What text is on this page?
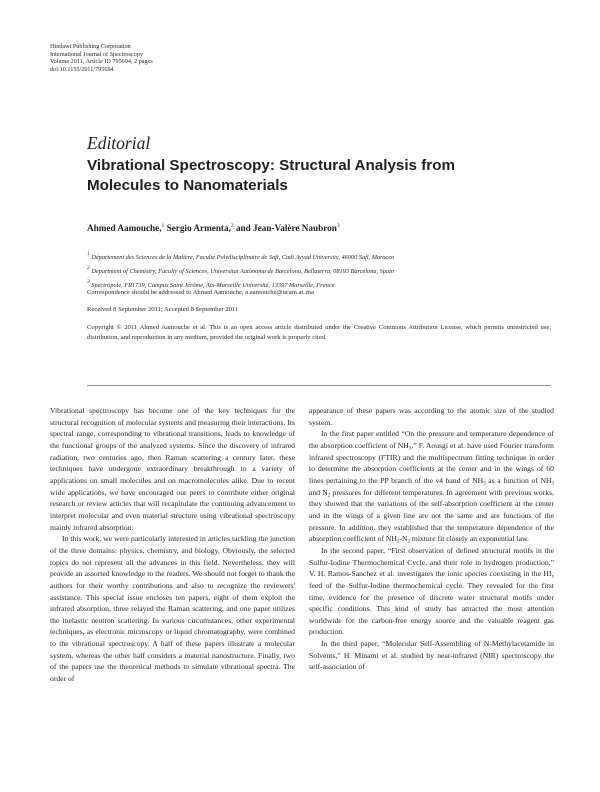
Hindawi Publishing Corporation
International Journal of Spectroscopy
Volume 2011, Article ID 795694, 2 pages
doi:10.1155/2011/795694
Editorial
Vibrational Spectroscopy: Structural Analysis from Molecules to Nanomaterials
Ahmed Aamouche,$^1$ Sergio Armenta,$^2$ and Jean-Valère Naubron$^3$
$^1$ Département des Sciences de la Matière, Faculté Polydisciplinaire de Safi, Cadi Ayyad University, 46000 Safi, Morocco
$^2$ Department of Chemistry, Faculty of Sciences, Universitat Autònoma de Barcelona, Bellaterra, 08193 Barcelona, Spain
$^3$ Spectropole, FR1739, Campus Saint Jérôme, Aix-Marseille Université, 13397 Marseille, France
Correspondence should be addressed to Ahmed Aamouche, a.aamouche@ucam.ac.ma
Received 8 September 2011; Accepted 8 September 2011
Copyright © 2011 Ahmed Aamouche et al. This is an open access article distributed under the Creative Commons Attribution License, which permits unrestricted use, distribution, and reproduction in any medium, provided the original work is properly cited.

Vibrational spectroscopy has become one of the key techniques for the structural recognition of molecular systems and measuring their interactions. Its spectral range, corresponding to vibrational transitions, leads to knowledge of the functional groups of the analyzed systems. Since the discovery of infrared radiation, two centuries ago, then Raman scattering a century later, these techniques have undergone extraordinary breakthrough to a variety of applications on small molecules and on macromolecules alike. Due to recent wide applications, we have encouraged our peers to contribute either original research or review articles that will recapitulate the continuing advancement to interpret molecular and even material structure using vibrational spectroscopy mainly infrared absorption.

In this work, we were particularly interested in articles tackling the junction of the three domains: physics, chemistry, and biology. Obviously, the selected topics do not represent all the advances in this field. Nevertheless, they will provide an assorted knowledge to the readers. We should not forget to thank the authors for their worthy contributions and also to recognize the reviewers' assistance. This special issue encloses ten papers, eight of them exploit the infrared absorption, three relayed the Raman scattering, and one paper utilizes the inelastic neutron scattering. In various circumstances, other experimental techniques, as electronic microscopy or liquid chromatography, were combined to the vibrational spectroscopy. A half of these papers illustrate a molecular system, whereas the other half considers a material nanostructure. Finally, two of the papers use the theoretical methods to simulate vibrational spectra. The order of

appearance of these papers was according to the atomic size of the studied system.

In the first paper entitled “On the pressure and temperature dependence of the absorption coefficient of $NH_3$,” F. Aousgi et al. have used Fourier transform infrared spectroscopy (FTIR) and the multispectrum fitting technique in order to determine the absorption coefficients at the center and in the wings of 60 lines pertaining to the PP branch of the ν4 band of $NH_3$ as a function of $NH_3$ and $N_2$ pressures for different temperatures. In agreement with previous works, they showed that the variations of the self-absorption coefficient at the center and in the wings of a given line are not the same and are functions of the pressure. In addition, they established that the temperature dependence of the absorption coefficient of $NH_3-N_2$ mixture fit closely an exponential law.

In the second paper, “First observation of defined structural motifs in the Sulfur-Iodine Thermochemical Cycle, and their role in hydrogen production,” V. H. Ramos-Sanchez et al. investigates the ionic species coexisting in the $HI_x$ feed of the Sulfur-Iodine thermochemical cycle. They revealed for the first time, evidence for the presence of discrete water structural motifs under specific conditions. This kind of study has attracted the most attention worldwide for the carbon-free energy source and the valuable reagent gas production.

In the third paper, “Molecular Self-Assembling of N-Methylacetamide in Solvents,” H. Minami et al. studied by near-infrared (NIR) spectroscopy the self-association of
